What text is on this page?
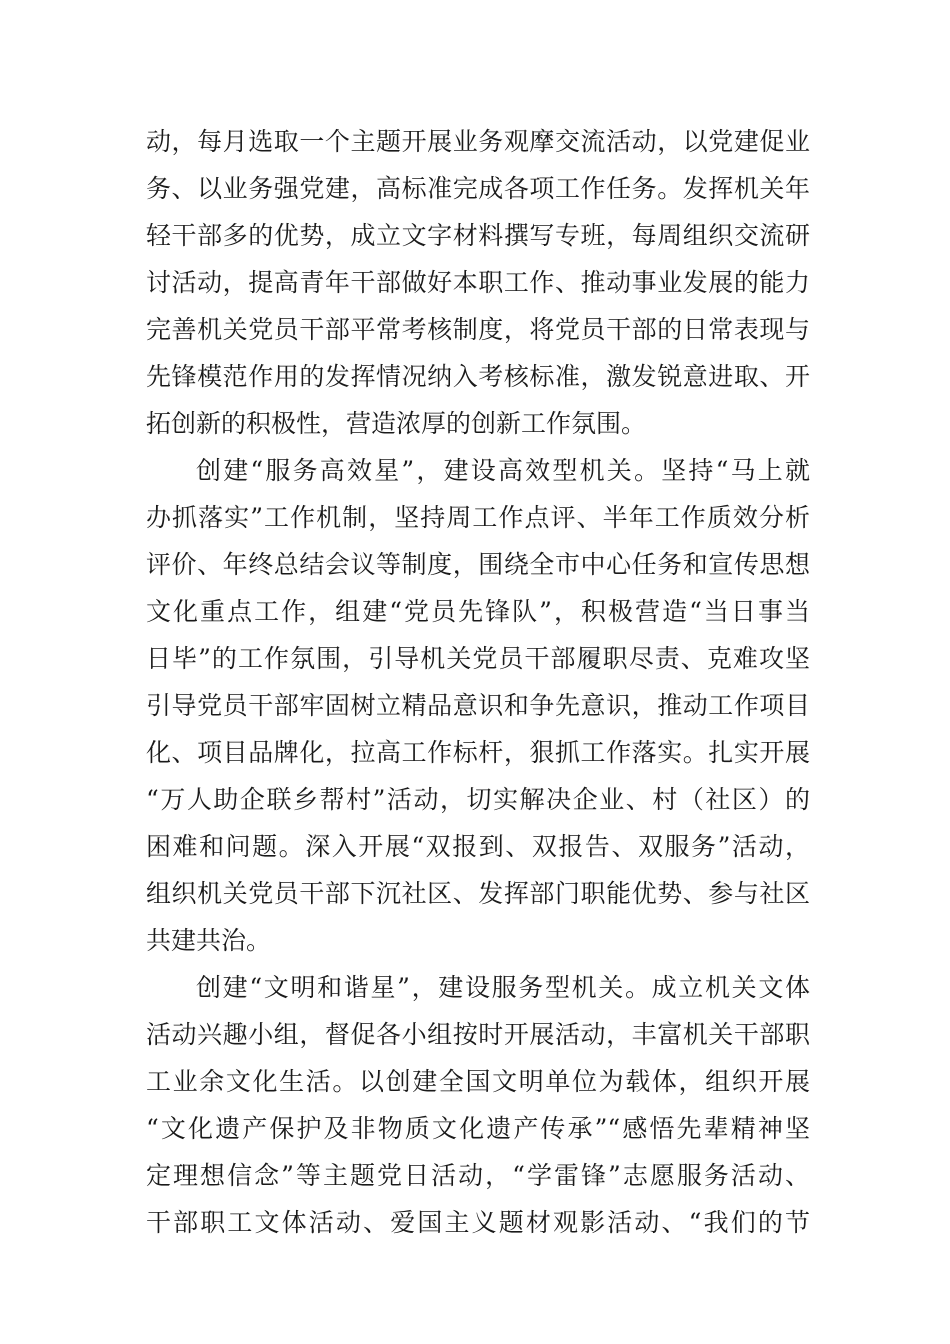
动，每月选取一个主题开展业务观摩交流活动，以党建促业
务、以业务强党建，高标准完成各项工作任务。发挥机关年
轻干部多的优势，成立文字材料撰写专班，每周组织交流研
讨活动，提高青年干部做好本职工作、推动事业发展的能力
完善机关党员干部平常考核制度，将党员干部的日常表现与
先锋模范作用的发挥情况纳入考核标准，激发锐意进取、开
拓创新的积极性，营造浓厚的创新工作氛围。
创建“服务高效星”，建设高效型机关。坚持“马上就
办抓落实”工作机制，坚持周工作点评、半年工作质效分析
评价、年终总结会议等制度，围绕全市中心任务和宣传思想
文化重点工作，组建“党员先锋队”，积极营造“当日事当
日毕”的工作氛围，引导机关党员干部履职尽责、克难攻坚
引导党员干部牢固树立精品意识和争先意识，推动工作项目
化、项目品牌化，拉高工作标杆，狠抓工作落实。扎实开展
“万人助企联乡帮村”活动，切实解决企业、村（社区）的
困难和问题。深入开展“双报到、双报告、双服务”活动，
组织机关党员干部下沉社区、发挥部门职能优势、参与社区
共建共治。
创建“文明和谐星”，建设服务型机关。成立机关文体
活动兴趣小组，督促各小组按时开展活动，丰富机关干部职
工业余文化生活。以创建全国文明单位为载体，组织开展
“文化遗产保护及非物质文化遗产传承”“感悟先辈精神坚
定理想信念”等主题党日活动，“学雷锋”志愿服务活动、
干部职工文体活动、爱国主义题材观影活动、“我们的节
